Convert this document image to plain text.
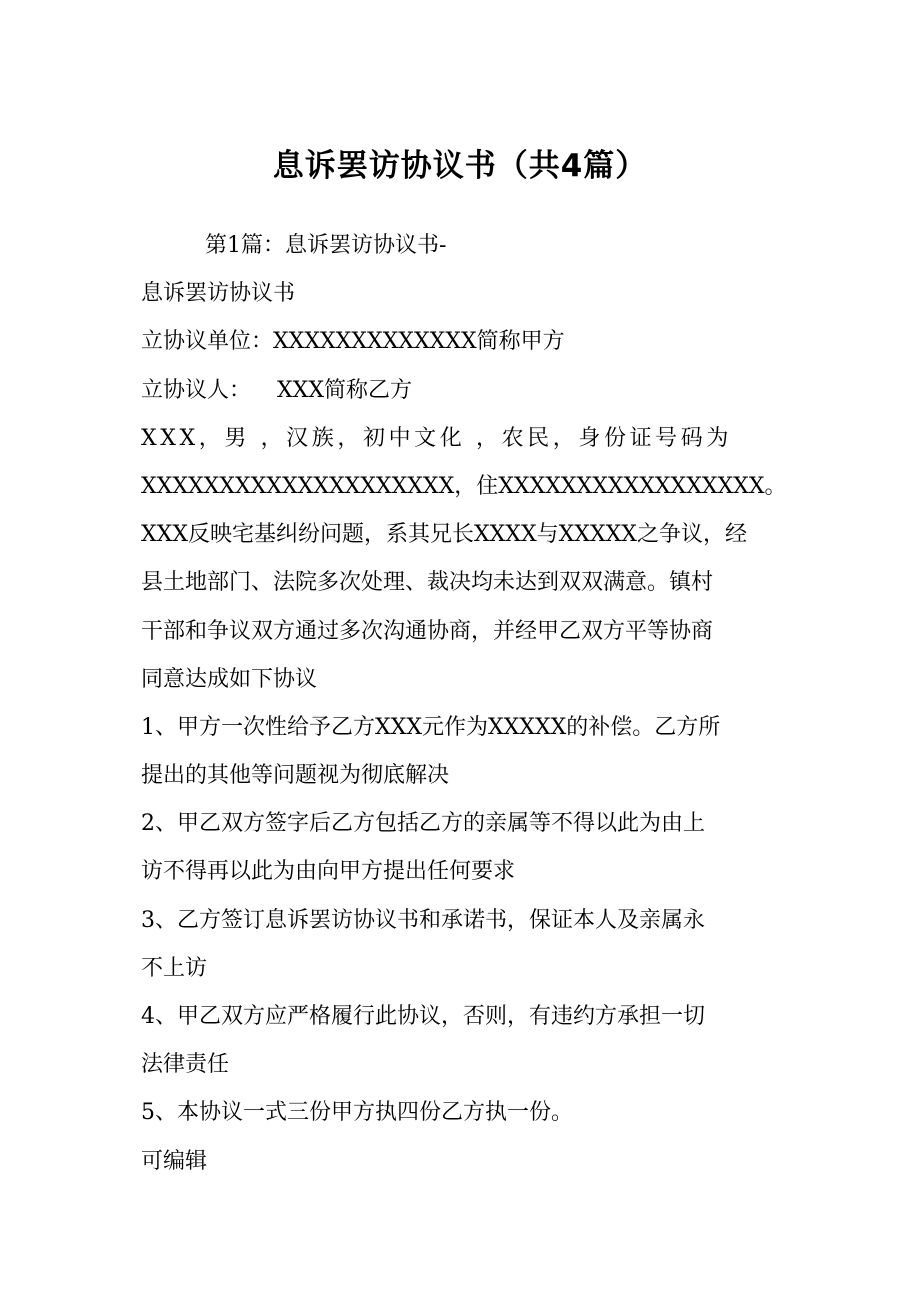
息诉罢访协议书（共4篇）
第1篇：息诉罢访协议书-
息诉罢访协议书
立协议单位：XXXXXXXXXXXXX简称甲方
立协议人： XXX简称乙方
XXX，男 ，汉族，初中文化 ，农民，身份证号码为
XXXXXXXXXXXXXXXXXXXX，住XXXXXXXXXXXXXXXXX。
XXX反映宅基纠纷问题，系其兄长XXXX与XXXXX之争议，经
县土地部门、法院多次处理、裁决均未达到双双满意。镇村
干部和争议双方通过多次沟通协商，并经甲乙双方平等协商
同意达成如下协议
1、甲方一次性给予乙方XXX元作为XXXXX的补偿。乙方所
提出的其他等问题视为彻底解决
2、甲乙双方签字后乙方包括乙方的亲属等不得以此为由上
访不得再以此为由向甲方提出任何要求
3、乙方签订息诉罢访协议书和承诺书，保证本人及亲属永
不上访
4、甲乙双方应严格履行此协议，否则，有违约方承担一切
法律责任
5、本协议一式三份甲方执四份乙方执一份。
可编辑
